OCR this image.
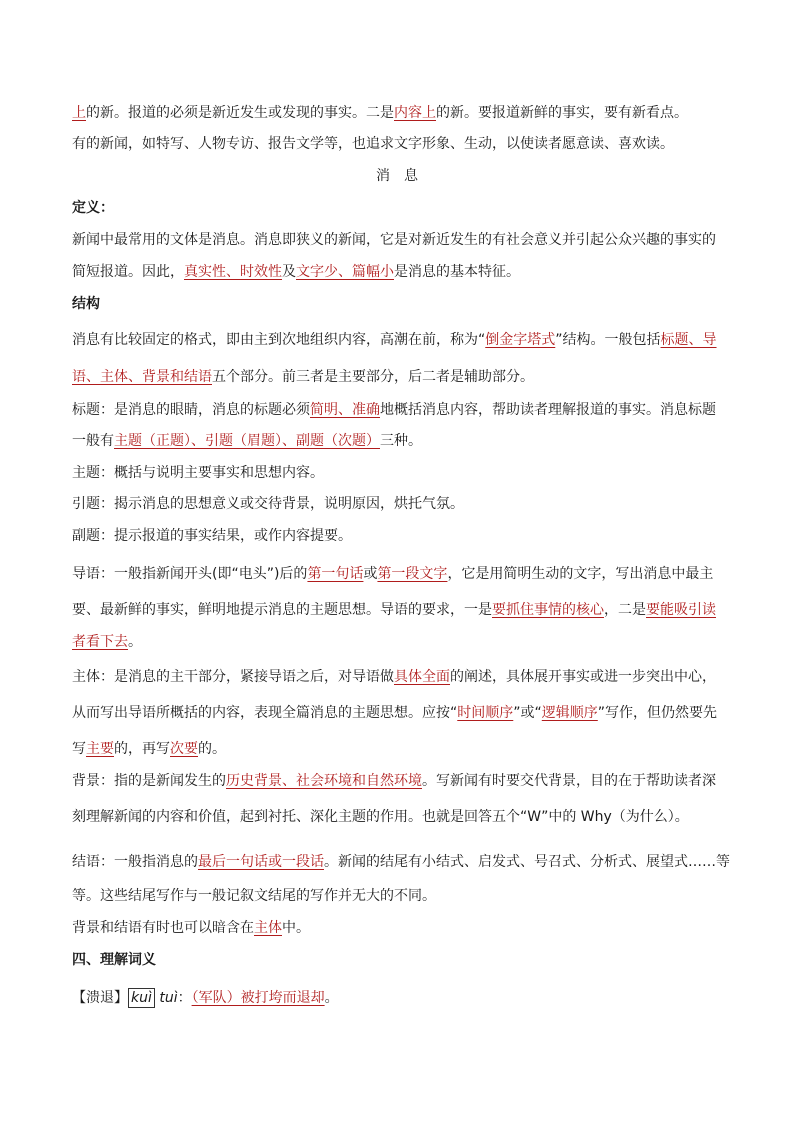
上的新。报道的必须是新近发生或发现的事实。二是内容上的新。要报道新鲜的事实，要有新看点。
有的新闻，如特写、人物专访、报告文学等，也追求文字形象、生动，以使读者愿意读、喜欢读。
消　息
定义：
新闻中最常用的文体是消息。消息即狭义的新闻，它是对新近发生的有社会意义并引起公众兴趣的事实的
简短报道。因此，真实性、时效性及文字少、篇幅小是消息的基本特征。
结构
消息有比较固定的格式，即由主到次地组织内容，高潮在前，称为“倒金字塔式”结构。一般包括标题、导
语、主体、背景和结语五个部分。前三者是主要部分，后二者是辅助部分。
标题：是消息的眼睛，消息的标题必须简明、准确地概括消息内容，帮助读者理解报道的事实。消息标题
一般有主题（正题）、引题（眉题）、副题（次题）三种。
主题：概括与说明主要事实和思想内容。
引题：揭示消息的思想意义或交待背景，说明原因，烘托气氛。
副题：提示报道的事实结果，或作内容提要。
导语：一般指新闻开头(即“电头”)后的第一句话或第一段文字，它是用简明生动的文字，写出消息中最主
要、最新鲜的事实，鲜明地提示消息的主题思想。导语的要求，一是要抓住事情的核心，二是要能吸引读
者看下去。
主体：是消息的主干部分，紧接导语之后，对导语做具体全面的阐述，具体展开事实或进一步突出中心，
从而写出导语所概括的内容，表现全篇消息的主题思想。应按“时间顺序”或“逻辑顺序”写作，但仍然要先
写主要的，再写次要的。
背景：指的是新闻发生的历史背景、社会环境和自然环境。写新闻有时要交代背景，目的在于帮助读者深
刻理解新闻的内容和价值，起到衬托、深化主题的作用。也就是回答五个“W”中的 Why（为什么）。
结语：一般指消息的最后一句话或一段话。新闻的结尾有小结式、启发式、号召式、分析式、展望式……等
等。这些结尾写作与一般记叙文结尾的写作并无大的不同。
背景和结语有时也可以暗含在主体中。
四、理解词义
【溃退】 kuì tuì：（军队）被打垮而退却。
